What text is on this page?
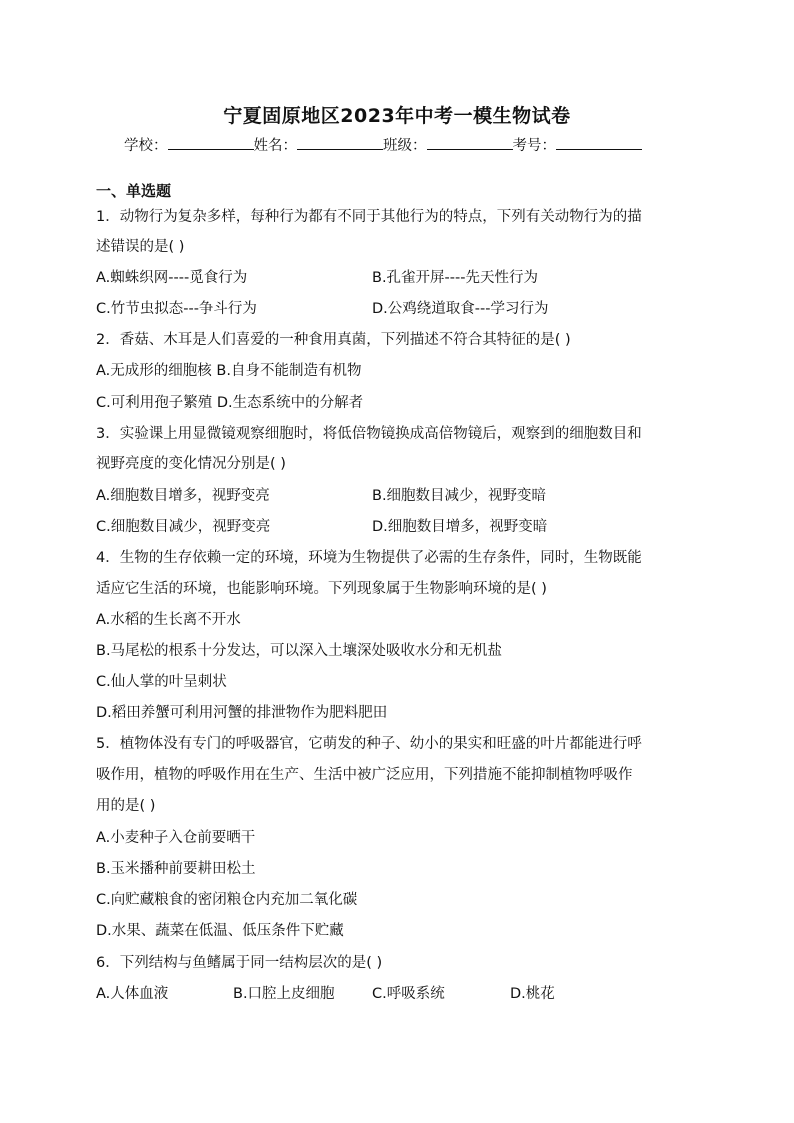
宁夏固原地区2023年中考一模生物试卷
学校：	姓名：	班级：	考号：
一、单选题
1．动物行为复杂多样，每种行为都有不同于其他行为的特点，下列有关动物行为的描
述错误的是( )
A.蜘蛛织网----觅食行为	B.孔雀开屏----先天性行为
C.竹节虫拟态---争斗行为	D.公鸡绕道取食---学习行为
2．香菇、木耳是人们喜爱的一种食用真菌，下列描述不符合其特征的是( )
A.无成形的细胞核 B.自身不能制造有机物
C.可利用孢子繁殖 D.生态系统中的分解者
3．实验课上用显微镜观察细胞时，将低倍物镜换成高倍物镜后，观察到的细胞数目和
视野亮度的变化情况分别是( )
A.细胞数目增多，视野变亮	B.细胞数目减少，视野变暗
C.细胞数目减少，视野变亮	D.细胞数目增多，视野变暗
4．生物的生存依赖一定的环境，环境为生物提供了必需的生存条件，同时，生物既能
适应它生活的环境，也能影响环境。下列现象属于生物影响环境的是( )
A.水稻的生长离不开水
B.马尾松的根系十分发达，可以深入土壤深处吸收水分和无机盐
C.仙人掌的叶呈刺状
D.稻田养蟹可利用河蟹的排泄物作为肥料肥田
5．植物体没有专门的呼吸器官，它萌发的种子、幼小的果实和旺盛的叶片都能进行呼
吸作用，植物的呼吸作用在生产、生活中被广泛应用，下列措施不能抑制植物呼吸作
用的是( )
A.小麦种子入仓前要晒干
B.玉米播种前要耕田松土
C.向贮藏粮食的密闭粮仓内充加二氧化碳
D.水果、蔬菜在低温、低压条件下贮藏
6．下列结构与鱼鳍属于同一结构层次的是( )
A.人体血液	B.口腔上皮细胞	C.呼吸系统	D.桃花
